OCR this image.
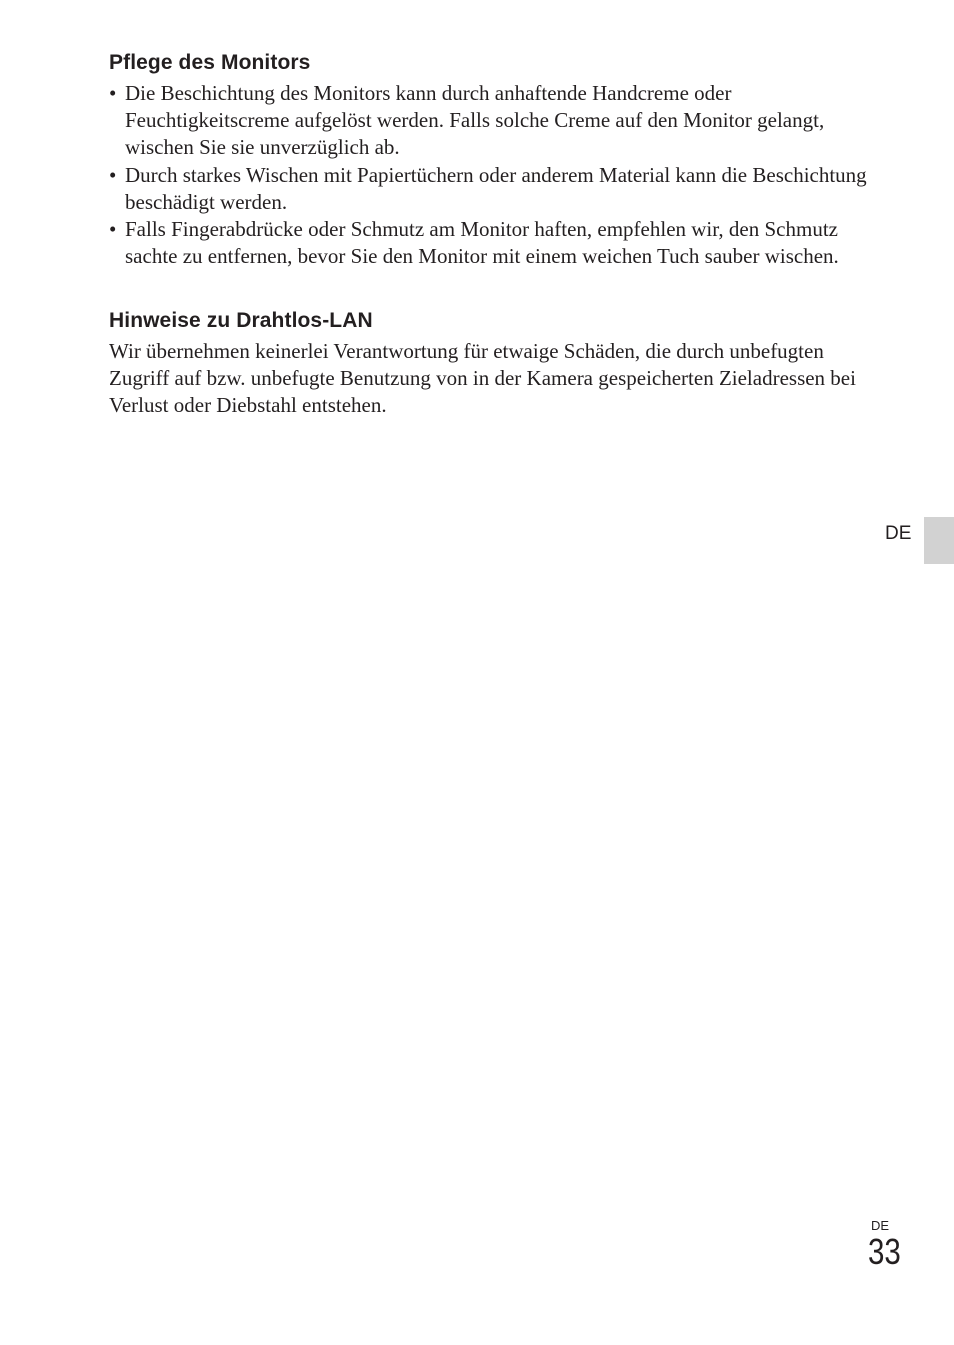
Pflege des Monitors
• Die Beschichtung des Monitors kann durch anhaftende Handcreme oder Feuchtigkeitscreme aufgelöst werden. Falls solche Creme auf den Monitor gelangt, wischen Sie sie unverzüglich ab.
• Durch starkes Wischen mit Papiertüchern oder anderem Material kann die Beschichtung beschädigt werden.
• Falls Fingerabdrücke oder Schmutz am Monitor haften, empfehlen wir, den Schmutz sachte zu entfernen, bevor Sie den Monitor mit einem weichen Tuch sauber wischen.
Hinweise zu Drahtlos-LAN

Wir übernehmen keinerlei Verantwortung für etwaige Schäden, die durch unbefugten Zugriff auf bzw. unbefugte Benutzung von in der Kamera gespeicherten Zieladressen bei Verlust oder Diebstahl entstehen.

DE
DE
33
